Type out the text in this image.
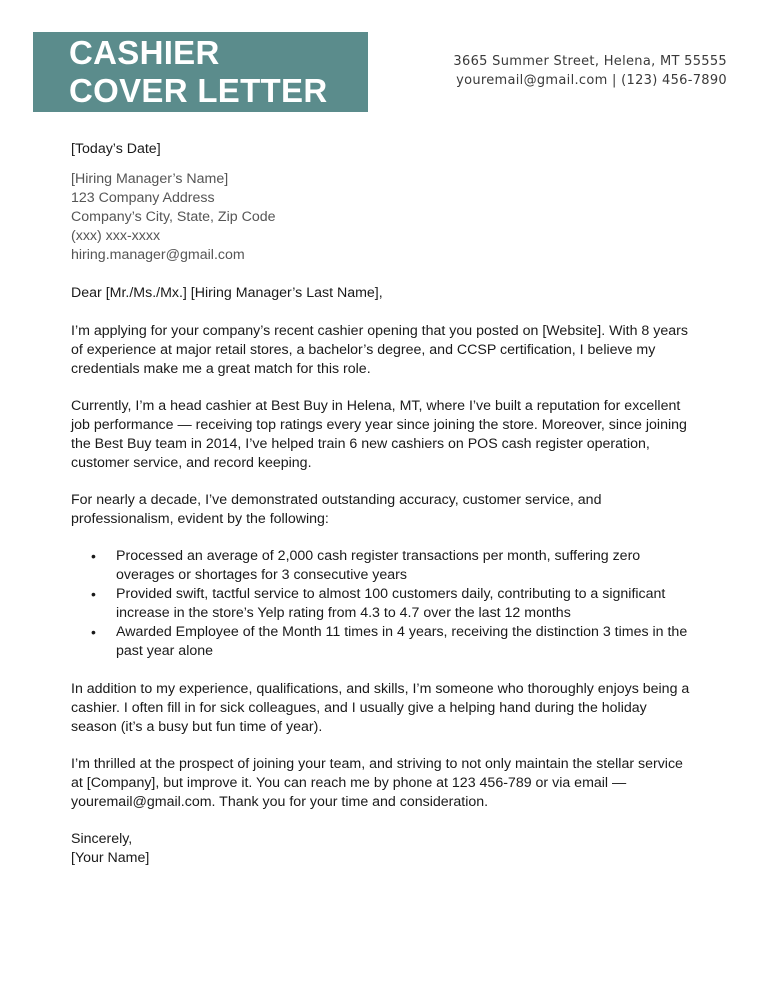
CASHIER
COVER LETTER
3665 Summer Street, Helena, MT 55555
youremail@gmail.com | (123) 456-7890
[Today’s Date]
[Hiring Manager’s Name]
123 Company Address
Company’s City, State, Zip Code
(xxx) xxx-xxxx
hiring.manager@gmail.com
Dear [Mr./Ms./Mx.] [Hiring Manager’s Last Name],

I’m applying for your company’s recent cashier opening that you posted on [Website]. With 8 years of experience at major retail stores, a bachelor’s degree, and CCSP certification, I believe my credentials make me a great match for this role.

Currently, I’m a head cashier at Best Buy in Helena, MT, where I’ve built a reputation for excellent job performance — receiving top ratings every year since joining the store. Moreover, since joining the Best Buy team in 2014, I’ve helped train 6 new cashiers on POS cash register operation, customer service, and record keeping.

For nearly a decade, I’ve demonstrated outstanding accuracy, customer service, and professionalism, evident by the following:

• Processed an average of 2,000 cash register transactions per month, suffering zero overages or shortages for 3 consecutive years
• Provided swift, tactful service to almost 100 customers daily, contributing to a significant increase in the store’s Yelp rating from 4.3 to 4.7 over the last 12 months
• Awarded Employee of the Month 11 times in 4 years, receiving the distinction 3 times in the past year alone

In addition to my experience, qualifications, and skills, I’m someone who thoroughly enjoys being a cashier. I often fill in for sick colleagues, and I usually give a helping hand during the holiday season (it’s a busy but fun time of year).

I’m thrilled at the prospect of joining your team, and striving to not only maintain the stellar service at [Company], but improve it. You can reach me by phone at 123 456-789 or via email — youremail@gmail.com. Thank you for your time and consideration.

Sincerely,
[Your Name]
